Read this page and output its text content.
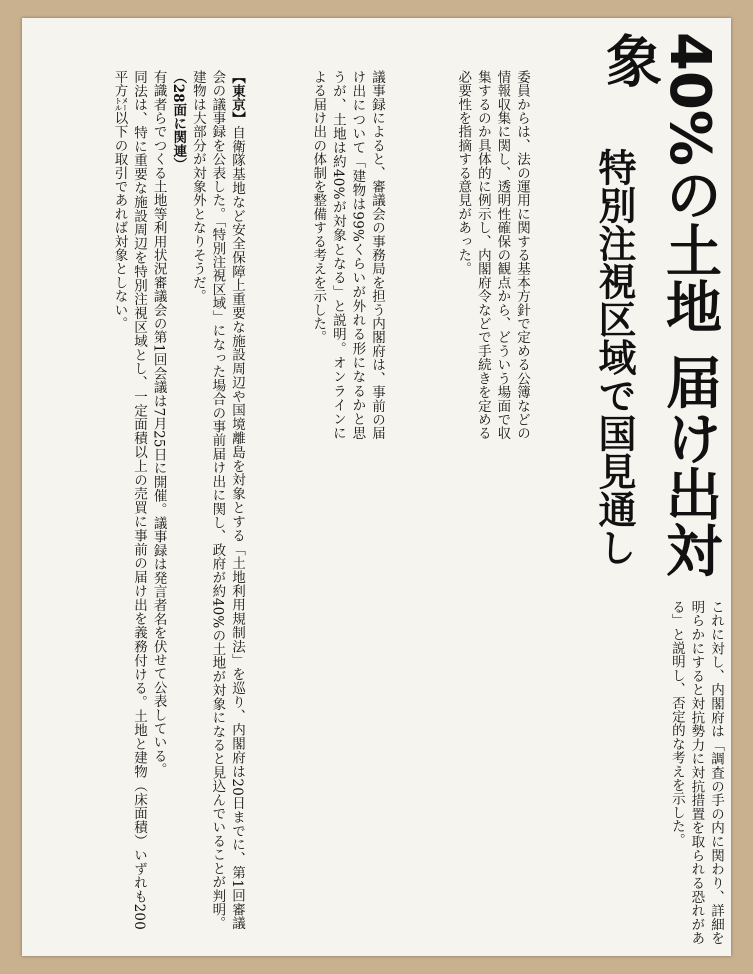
40%の土地 届け出対象
特別注視区域で国見通し
これに対し、内閣府は「調査の手の内に関わり、詳細を明らかにすると対抗勢力に対抗措置を取られる恐れがある」と説明し、否定的な考えを示した。
委員からは、法の運用に関する基本方針で定める公簿などの情報収集に関し、透明性確保の観点から、どういう場面で収集するのか具体的に例示し、内閣府令などで手続きを定める必要性を指摘する意見があった。
議事録によると、審議会の事務局を担う内閣府は、事前の届け出について「建物は99%くらいが外れる形になるかと思うが、土地は約40%が対象となる」と説明。オンラインによる届け出の体制を整備する考えを示した。
【東京】自衛隊基地など安全保障上重要な施設周辺や国境離島を対象とする「土地利用規制法」を巡り、内閣府は20日までに、第1回審議会の議事録を公表した。「特別注視区域」になった場合の事前届け出に関し、政府が約40%の土地が対象になると見込んでいることが判明。建物は大部分が対象外となりそうだ。
（28面に関連）
有識者らでつくる土地等利用状況審議会の第1回会議は7月25日に開催。議事録は発言者名を伏せて公表している。
同法は、特に重要な施設周辺を特別注視区域とし、一定面積以上の売買に事前の届け出を義務付ける。土地と建物（床面積）いずれも200平方㍍以下の取引であれば対象としない。
